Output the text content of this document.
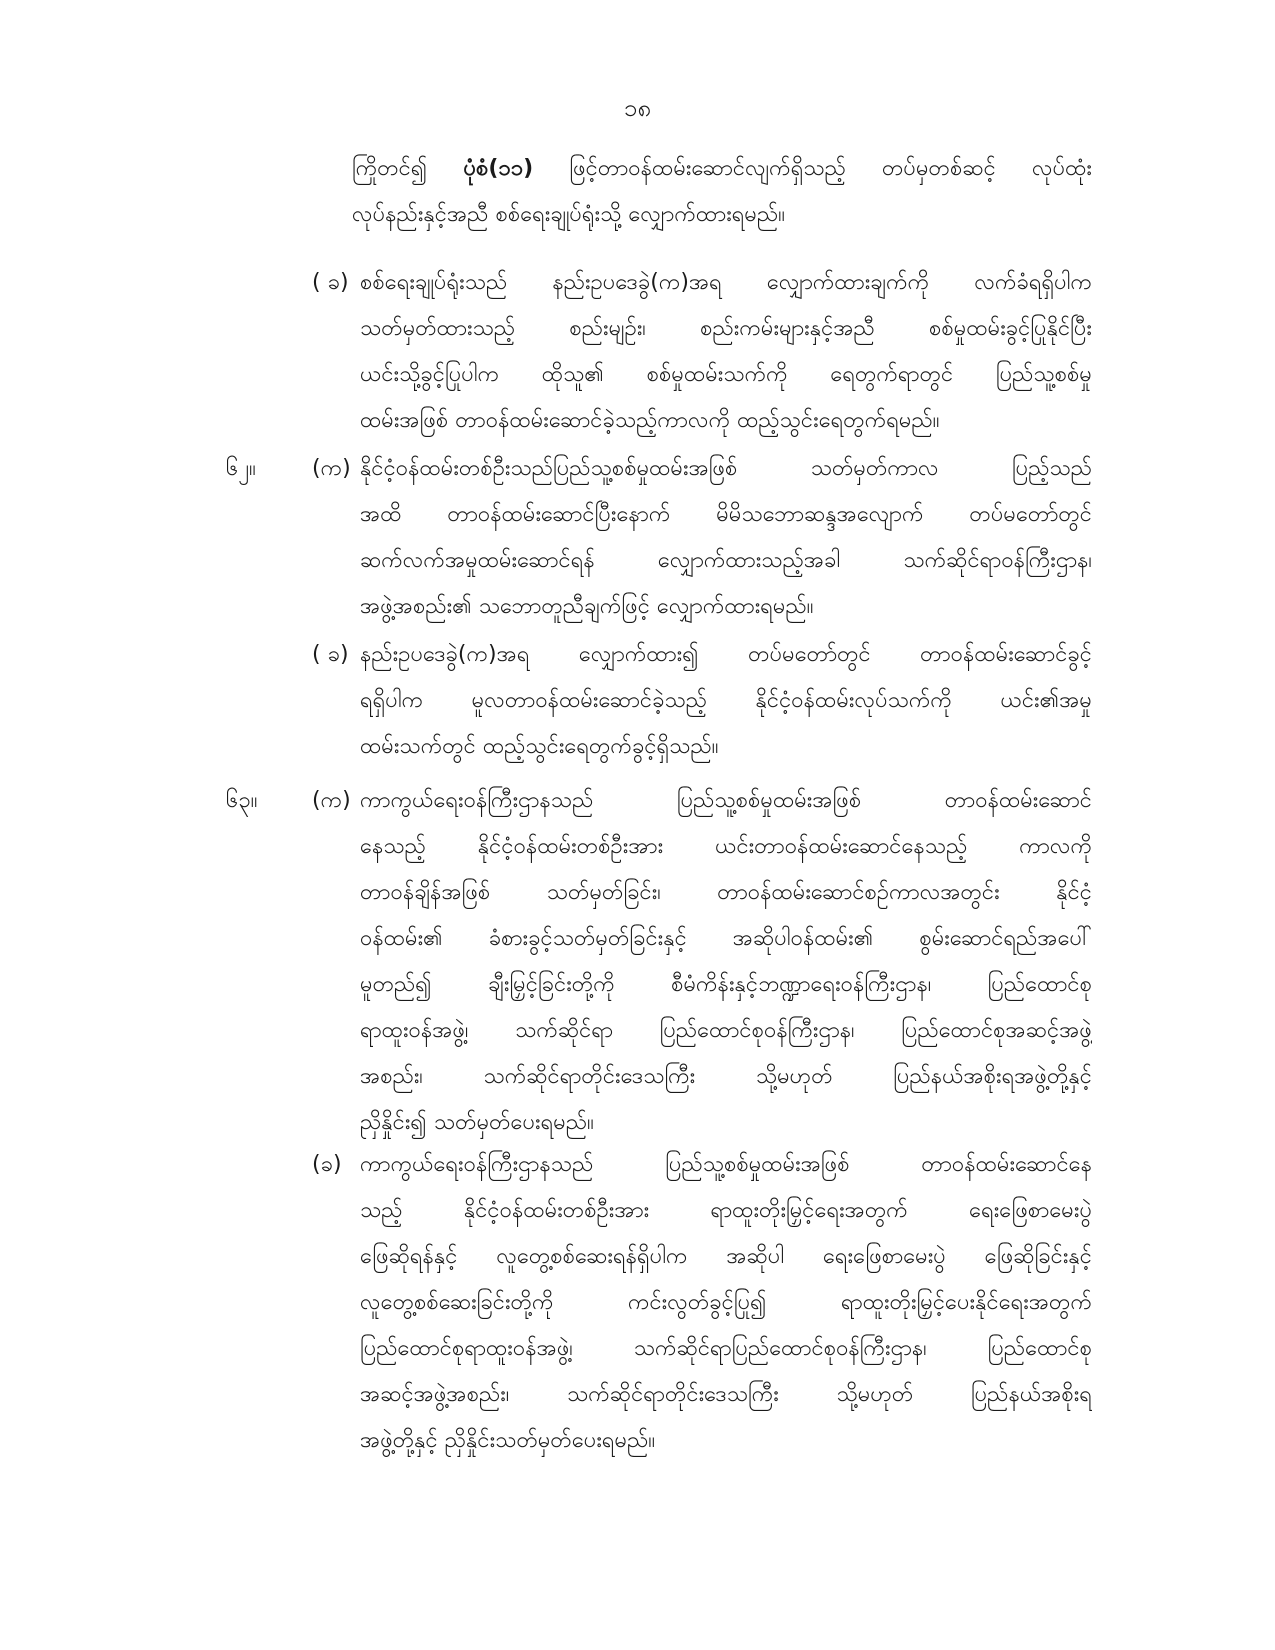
၁၈
ကြိုတင်၍ ပုံစံ(၁၁) ဖြင့်တာဝန်ထမ်းဆောင်လျက်ရှိသည့် တပ်မှတစ်ဆင့် လုပ်ထုံး
လုပ်နည်းနှင့်အညီ စစ်ရေးချုပ်ရုံးသို့ လျှောက်ထားရမည်။
( ခ) စစ်ရေးချုပ်ရုံးသည် နည်းဥပဒေခွဲ(က)အရ လျှောက်ထားချက်ကို လက်ခံရရှိပါက
သတ်မှတ်ထားသည့် စည်းမျဉ်း၊ စည်းကမ်းများနှင့်အညီ စစ်မှုထမ်းခွင့်ပြုနိုင်ပြီး
ယင်းသို့ခွင့်ပြုပါက ထိုသူ၏ စစ်မှုထမ်းသက်ကို ရေတွက်ရာတွင် ပြည်သူ့စစ်မှု
ထမ်းအဖြစ် တာဝန်ထမ်းဆောင်ခဲ့သည့်ကာလကို ထည့်သွင်းရေတွက်ရမည်။
၆၂။	(က) နိုင်ငံ့ဝန်ထမ်းတစ်ဦးသည်ပြည်သူ့စစ်မှုထမ်းအဖြစ် သတ်မှတ်ကာလ ပြည့်သည်
အထိ တာဝန်ထမ်းဆောင်ပြီးနောက် မိမိသဘောဆန္ဒအလျောက် တပ်မတော်တွင်
ဆက်လက်အမှုထမ်းဆောင်ရန် လျှောက်ထားသည့်အခါ သက်ဆိုင်ရာဝန်ကြီးဌာန၊
အဖွဲ့အစည်း၏ သဘောတူညီချက်ဖြင့် လျှောက်ထားရမည်။
( ခ) နည်းဥပဒေခွဲ(က)အရ လျှောက်ထား၍ တပ်မတော်တွင် တာဝန်ထမ်းဆောင်ခွင့်
ရရှိပါက မူလတာဝန်ထမ်းဆောင်ခဲ့သည့် နိုင်ငံ့ဝန်ထမ်းလုပ်သက်ကို ယင်း၏အမှု
ထမ်းသက်တွင် ထည့်သွင်းရေတွက်ခွင့်ရှိသည်။
၆၃။ (က) ကာကွယ်ရေးဝန်ကြီးဌာနသည် ပြည်သူ့စစ်မှုထမ်းအဖြစ် တာဝန်ထမ်းဆောင်
နေသည့် နိုင်ငံ့ဝန်ထမ်းတစ်ဦးအား ယင်းတာဝန်ထမ်းဆောင်နေသည့် ကာလကို
တာဝန်ချိန်အဖြစ် သတ်မှတ်ခြင်း၊ တာဝန်ထမ်းဆောင်စဉ်ကာလအတွင်း နိုင်ငံ့
ဝန်ထမ်း၏ ခံစားခွင့်သတ်မှတ်ခြင်းနှင့် အဆိုပါဝန်ထမ်း၏ စွမ်းဆောင်ရည်အပေါ်
မူတည်၍ ချီးမြှင့်ခြင်းတို့ကို စီမံကိန်းနှင့်ဘဏ္ဍာရေးဝန်ကြီးဌာန၊ ပြည်ထောင်စု
ရာထူးဝန်အဖွဲ့၊ သက်ဆိုင်ရာ ပြည်ထောင်စုဝန်ကြီးဌာန၊ ပြည်ထောင်စုအဆင့်အဖွဲ့
အစည်း၊ သက်ဆိုင်ရာတိုင်းဒေသကြီး သို့မဟုတ် ပြည်နယ်အစိုးရအဖွဲ့တို့နှင့်
ညှိနှိုင်း၍ သတ်မှတ်ပေးရမည်။
(ခ) ကာကွယ်ရေးဝန်ကြီးဌာနသည် ပြည်သူ့စစ်မှုထမ်းအဖြစ် တာဝန်ထမ်းဆောင်နေ
သည့် နိုင်ငံ့ဝန်ထမ်းတစ်ဦးအား ရာထူးတိုးမြှင့်ရေးအတွက် ရေးဖြေစာမေးပွဲ
ဖြေဆိုရန်နှင့် လူတွေ့စစ်ဆေးရန်ရှိပါက အဆိုပါ ရေးဖြေစာမေးပွဲ ဖြေဆိုခြင်းနှင့်
လူတွေ့စစ်ဆေးခြင်းတို့ကို ကင်းလွတ်ခွင့်ပြု၍ ရာထူးတိုးမြှင့်ပေးနိုင်ရေးအတွက်
ပြည်ထောင်စုရာထူးဝန်အဖွဲ့၊ သက်ဆိုင်ရာပြည်ထောင်စုဝန်ကြီးဌာန၊ ပြည်ထောင်စု
အဆင့်အဖွဲ့အစည်း၊ သက်ဆိုင်ရာတိုင်းဒေသကြီး သို့မဟုတ် ပြည်နယ်အစိုးရ
အဖွဲ့တို့နှင့် ညှိနှိုင်းသတ်မှတ်ပေးရမည်။
